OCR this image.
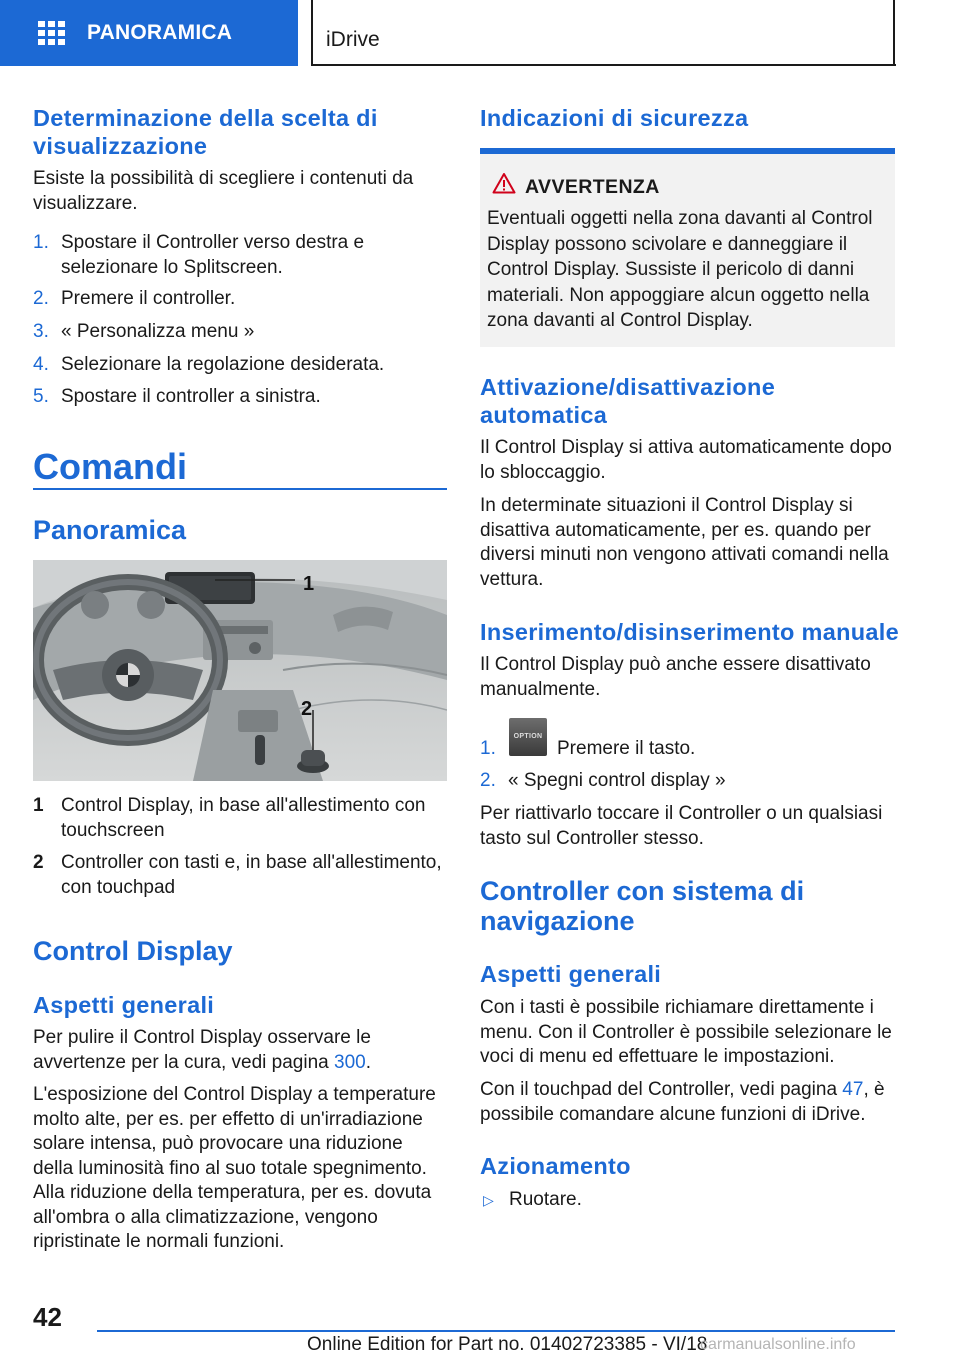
PANORAMICA	iDrive
Determinazione della scelta di visualizzazione
Esiste la possibilità di scegliere i contenuti da visualizzare.
1. Spostare il Controller verso destra e selezionare lo Splitscreen.
2. Premere il controller.
3. « Personalizza menu »
4. Selezionare la regolazione desiderata.
5. Spostare il controller a sinistra.
Comandi
Panoramica
1
2
1 Control Display, in base all'allestimento con touchscreen
2 Controller con tasti e, in base all'allestimento, con touchpad
Control Display
Aspetti generali
Per pulire il Control Display osservare le avvertenze per la cura, vedi pagina 300.
L'esposizione del Control Display a temperature molto alte, per es. per effetto di un'irradiazione solare intensa, può provocare una riduzione della luminosità fino al suo totale spegnimento. Alla riduzione della temperatura, per es. dovuta all'ombra o alla climatizzazione, vengono ripristinate le normali funzioni.
Indicazioni di sicurezza
AVVERTENZA
Eventuali oggetti nella zona davanti al Control Display possono scivolare e danneggiare il Control Display. Sussiste il pericolo di danni materiali. Non appoggiare alcun oggetto nella zona davanti al Control Display.
Attivazione/disattivazione automatica
Il Control Display si attiva automaticamente dopo lo sbloccaggio.
In determinate situazioni il Control Display si disattiva automaticamente, per es. quando per diversi minuti non vengono attivati comandi nella vettura.
Inserimento/disinserimento manuale
Il Control Display può anche essere disattivato manualmente.
1.	Premere il tasto.
OPTION
2. « Spegni control display »
Per riattivarlo toccare il Controller o un qualsiasi tasto sul Controller stesso.
Controller con sistema di navigazione
Aspetti generali
Con i tasti è possibile richiamare direttamente i menu. Con il Controller è possibile selezionare le voci di menu ed effettuare le impostazioni.
Con il touchpad del Controller, vedi pagina 47, è possibile comandare alcune funzioni di iDrive.
Azionamento
▷ Ruotare.
42
Online Edition for Part no. 01402723385 - VI/18
carmanualsonline.info
